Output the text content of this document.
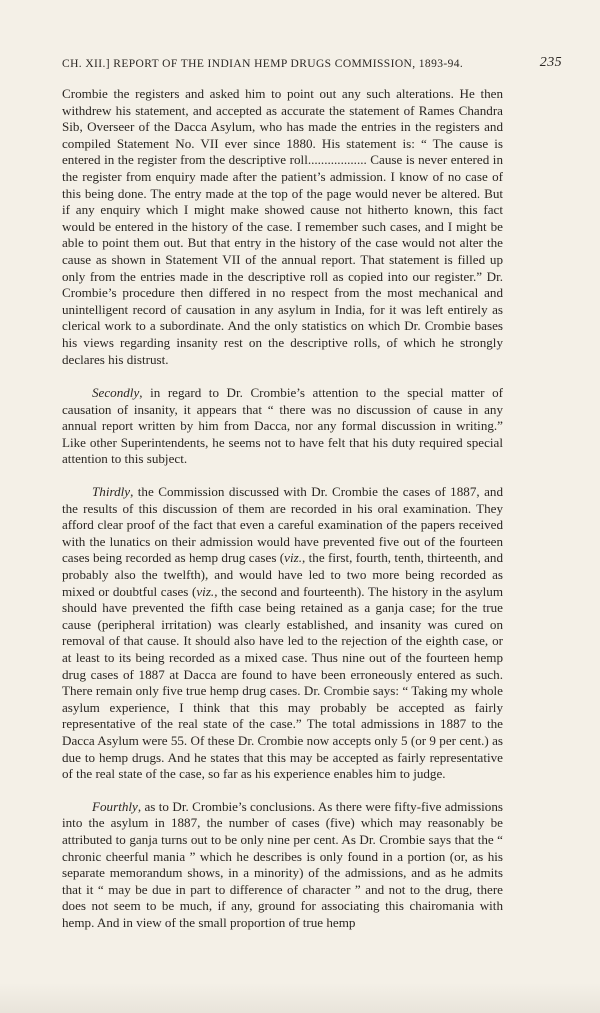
CH. XII.] REPORT OF THE INDIAN HEMP DRUGS COMMISSION, 1893-94.	235

Crombie the registers and asked him to point out any such alterations. He then withdrew his statement, and accepted as accurate the statement of Rames Chandra Sib, Overseer of the Dacca Asylum, who has made the entries in the registers and compiled Statement No. VII ever since 1880. His statement is: “ The cause is entered in the register from the descriptive roll.................. Cause is never entered in the register from enquiry made after the patient’s admission. I know of no case of this being done. The entry made at the top of the page would never be altered. But if any enquiry which I might make showed cause not hitherto known, this fact would be entered in the history of the case. I remember such cases, and I might be able to point them out. But that entry in the history of the case would not alter the cause as shown in Statement VII of the annual report. That statement is filled up only from the entries made in the descriptive roll as copied into our register.” Dr. Crombie’s procedure then differed in no respect from the most mechanical and unintelligent record of causation in any asylum in India, for it was left entirely as clerical work to a subordinate. And the only statistics on which Dr. Crombie bases his views regarding insanity rest on the descriptive rolls, of which he strongly declares his distrust.

Secondly, in regard to Dr. Crombie’s attention to the special matter of causation of insanity, it appears that “ there was no discussion of cause in any annual report written by him from Dacca, nor any formal discussion in writing.” Like other Superintendents, he seems not to have felt that his duty required special attention to this subject.

Thirdly, the Commission discussed with Dr. Crombie the cases of 1887, and the results of this discussion of them are recorded in his oral examination. They afford clear proof of the fact that even a careful examination of the papers received with the lunatics on their admission would have prevented five out of the fourteen cases being recorded as hemp drug cases (viz., the first, fourth, tenth, thirteenth, and probably also the twelfth), and would have led to two more being recorded as mixed or doubtful cases (viz., the second and fourteenth). The history in the asylum should have prevented the fifth case being retained as a ganja case; for the true cause (peripheral irritation) was clearly established, and insanity was cured on removal of that cause. It should also have led to the rejection of the eighth case, or at least to its being recorded as a mixed case. Thus nine out of the fourteen hemp drug cases of 1887 at Dacca are found to have been erroneously entered as such. There remain only five true hemp drug cases. Dr. Crombie says: “ Taking my whole asylum experience, I think that this may probably be accepted as fairly representative of the real state of the case.” The total admissions in 1887 to the Dacca Asylum were 55. Of these Dr. Crombie now accepts only 5 (or 9 per cent.) as due to hemp drugs. And he states that this may be accepted as fairly representative of the real state of the case, so far as his experience enables him to judge.

Fourthly, as to Dr. Crombie’s conclusions. As there were fifty-five admissions into the asylum in 1887, the number of cases (five) which may reasonably be attributed to ganja turns out to be only nine per cent. As Dr. Crombie says that the “ chronic cheerful mania ” which he describes is only found in a portion (or, as his separate memorandum shows, in a minority) of the admissions, and as he admits that it “ may be due in part to difference of character ” and not to the drug, there does not seem to be much, if any, ground for associating this chairomania with hemp. And in view of the small proportion of true hemp
